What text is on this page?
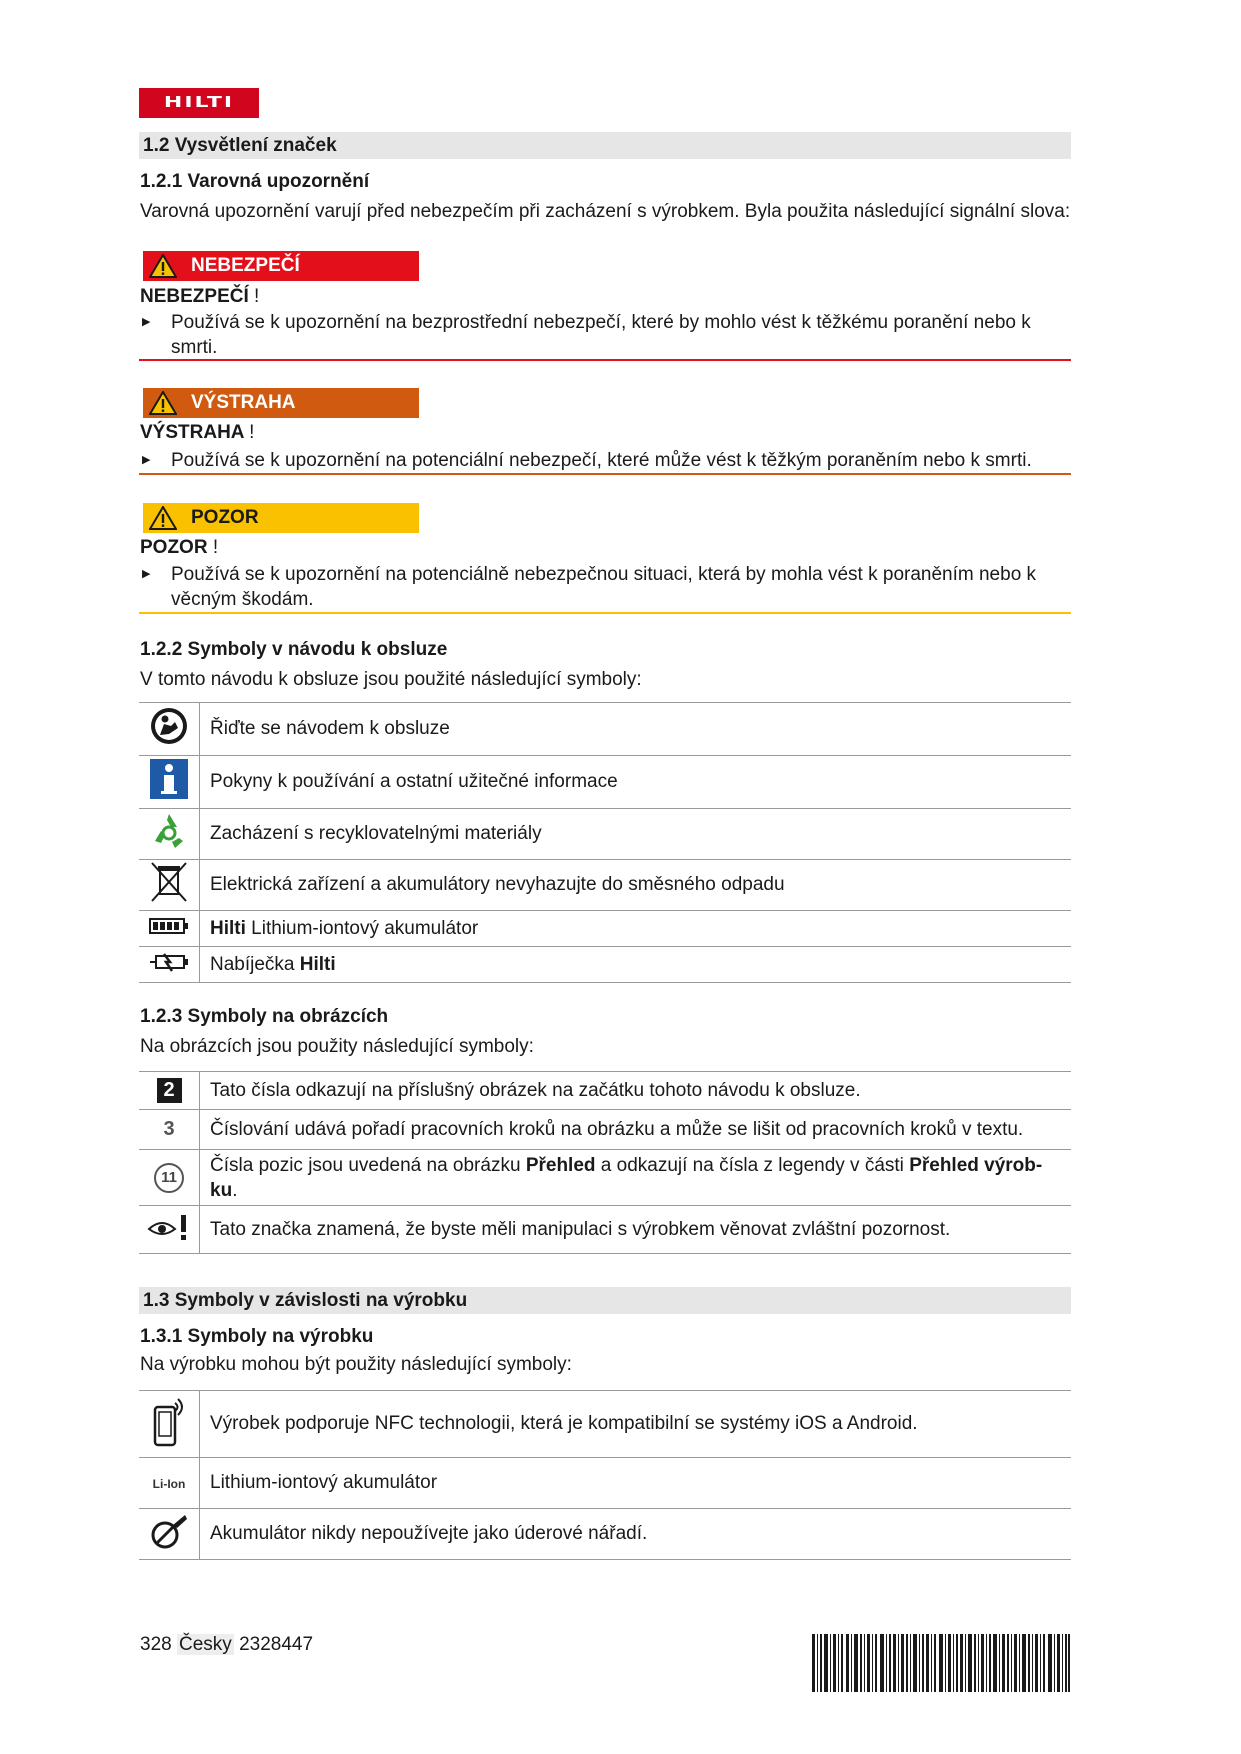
HILTI
1.2 Vysvětlení značek
1.2.1 Varovná upozornění
Varovná upozornění varují před nebezpečím při zacházení s výrobkem. Byla použita následující signální slova:
NEBEZPEČÍ
NEBEZPEČÍ !
▶ Používá se k upozornění na bezprostřední nebezpečí, které by mohlo vést k těžkému poranění nebo k smrti.
VÝSTRAHA
VÝSTRAHA !
▶ Používá se k upozornění na potenciální nebezpečí, které může vést k těžkým poraněním nebo k smrti.
POZOR
POZOR !
▶ Používá se k upozornění na potenciálně nebezpečnou situaci, která by mohla vést k poraněním nebo k věcným škodám.
1.2.2 Symboly v návodu k obsluze
V tomto návodu k obsluze jsou použité následující symboly:
	Řiďte se návodem k obsluze
	Pokyny k používání a ostatní užitečné informace
	Zacházení s recyklovatelnými materiály
	Elektrická zařízení a akumulátory nevyhazujte do směsného odpadu
	Hilti Lithium-iontový akumulátor
	Nabíječka Hilti
1.2.3 Symboly na obrázcích
Na obrázcích jsou použity následující symboly:
2	Tato čísla odkazují na příslušný obrázek na začátku tohoto návodu k obsluze.
3	Číslování udává pořadí pracovních kroků na obrázku a může se lišit od pracovních kroků v textu.
11	Čísla pozic jsou uvedená na obrázku Přehled a odkazují na čísla z legendy v části Přehled výrob-ku.
	Tato značka znamená, že byste měli manipulaci s výrobkem věnovat zvláštní pozornost.
1.3 Symboly v závislosti na výrobku
1.3.1 Symboly na výrobku
Na výrobku mohou být použity následující symboly:
	Výrobek podporuje NFC technologii, která je kompatibilní se systémy iOS a Android.
Li-Ion	Lithium-iontový akumulátor
	Akumulátor nikdy nepoužívejte jako úderové nářadí.
328 Česky 2328447
